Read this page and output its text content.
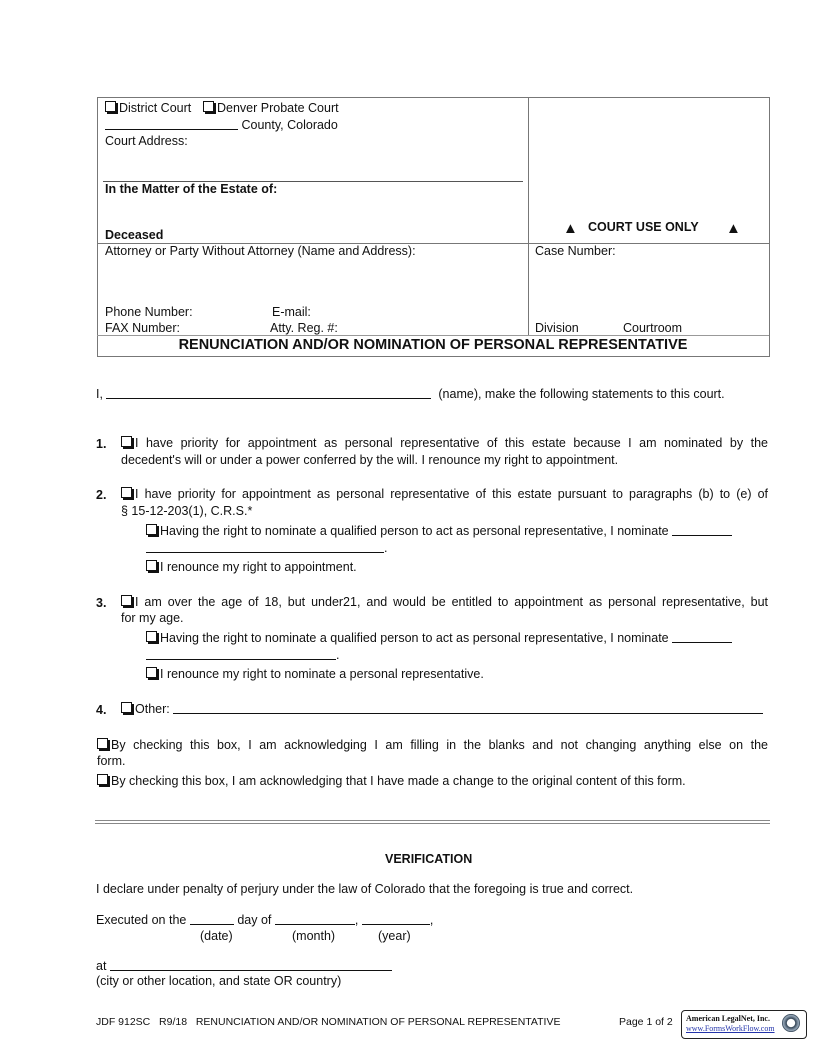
District Court	Denver Probate Court
County, Colorado
Court Address:
In the Matter of the Estate of:
Deceased	▲ COURT USE ONLY ▲
Attorney or Party Without Attorney (Name and Address):
Phone Number:	E-mail:
FAX Number:	Atty. Reg. #:
Case Number:
Division	Courtroom
RENUNCIATION AND/OR NOMINATION OF PERSONAL REPRESENTATIVE
I,	(name), make the following statements to this court.
1.	I have priority for appointment as personal representative of this estate because I am nominated by the
decedent's will or under a power conferred by the will. I renounce my right to appointment.
2.	I have priority for appointment as personal representative of this estate pursuant to paragraphs (b) to (e) of
§ 15-12-203(1), C.R.S.*
Having the right to nominate a qualified person to act as personal representative, I nominate
.
I renounce my right to appointment.
3.	I am over the age of 18, but under21, and would be entitled to appointment as personal representative, but
for my age.
Having the right to nominate a qualified person to act as personal representative, I nominate
.
I renounce my right to nominate a personal representative.
4.	Other:
By checking this box, I am acknowledging I am filling in the blanks and not changing anything else on the
form.
By checking this box, I am acknowledging that I have made a change to the original content of this form.
VERIFICATION
I declare under penalty of perjury under the law of Colorado that the foregoing is true and correct.
Executed on the	day of	,	,
(date)	(month)	(year)
at
(city or other location, and state OR country)
JDF 912SC R9/18 RENUNCIATION AND/OR NOMINATION OF PERSONAL REPRESENTATIVE	Page 1 of 2 American LegalNet, Inc.
www.FormsWorkFlow.com
